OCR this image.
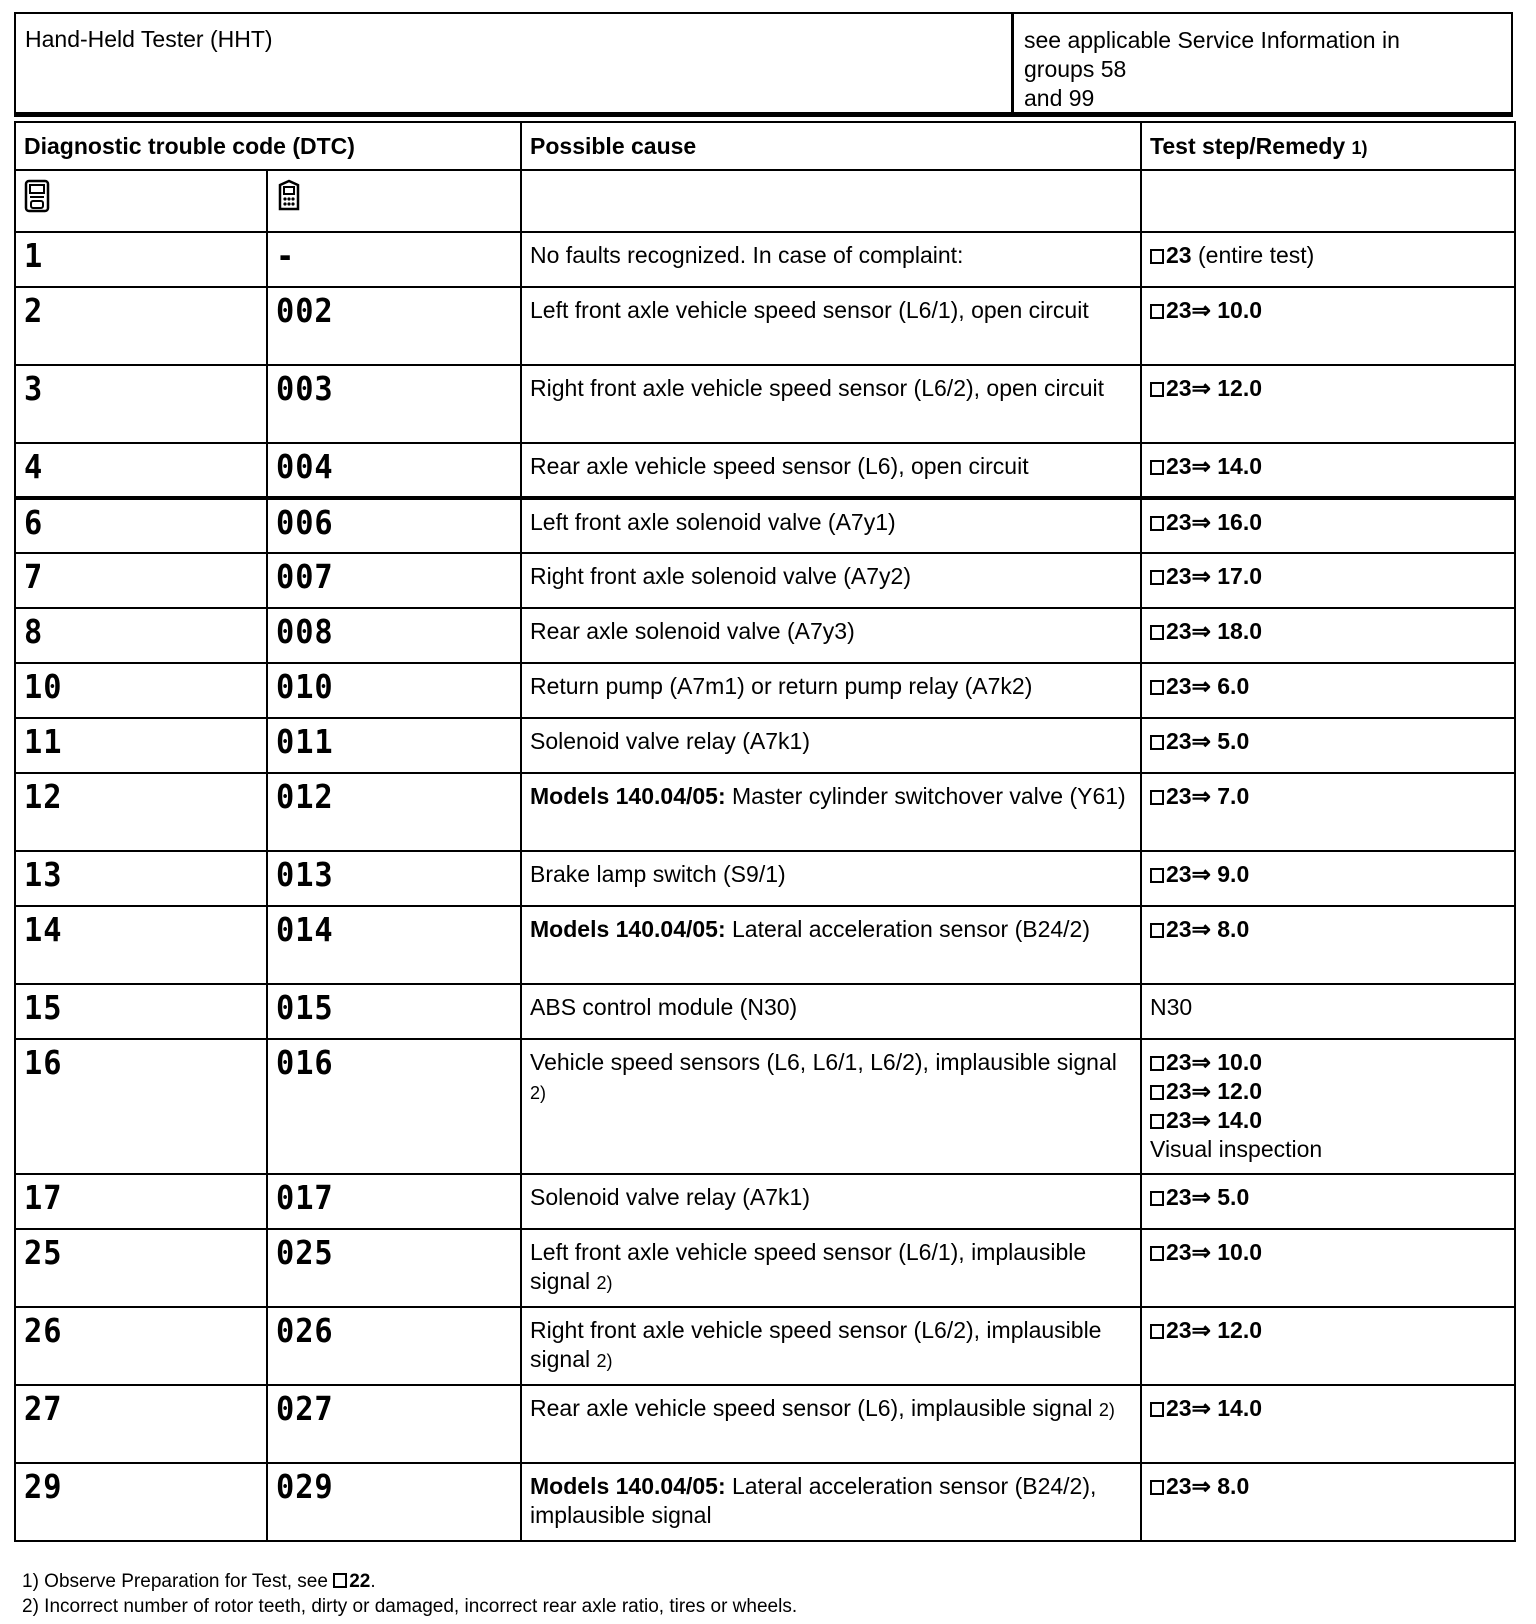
Hand-Held Tester (HHT)	see applicable Service Information in
groups 58
and 99
Diagnostic trouble code (DTC)		Possible cause	Test step/Remedy 1)

1	-	No faults recognized. In case of complaint:	23 (entire test)

2	002	Left front axle vehicle speed sensor (L6/1), open circuit	23⇒ 10.0

3	003	Right front axle vehicle speed sensor (L6/2), open circuit	23⇒ 12.0

4	004	Rear axle vehicle speed sensor (L6), open circuit	23⇒ 14.0

6	006	Left front axle solenoid valve (A7y1)	23⇒ 16.0

7	007	Right front axle solenoid valve (A7y2)	23⇒ 17.0

8	008	Rear axle solenoid valve (A7y3)	23⇒ 18.0

10	010	Return pump (A7m1) or return pump relay (A7k2)	23⇒ 6.0

11	011	Solenoid valve relay (A7k1)	23⇒ 5.0

12	012	Models 140.04/05: Master cylinder switchover valve (Y61)	23⇒ 7.0

13	013	Brake lamp switch (S9/1)	23⇒ 9.0

14	014	Models 140.04/05: Lateral acceleration sensor (B24/2)	23⇒ 8.0

15	015	ABS control module (N30)	N30

16	016	Vehicle speed sensors (L6, L6/1, L6/2), implausible signal 2)	23⇒ 10.0
23⇒ 12.0
23⇒ 14.0
Visual inspection

17	017	Solenoid valve relay (A7k1)	23⇒ 5.0

25	025	Left front axle vehicle speed sensor (L6/1), implausible signal 2)	23⇒ 10.0

26	026	Right front axle vehicle speed sensor (L6/2), implausible signal 2)	23⇒ 12.0

27	027	Rear axle vehicle speed sensor (L6), implausible signal 2)	23⇒ 14.0

29	029	Models 140.04/05: Lateral acceleration sensor (B24/2), implausible signal	23⇒ 8.0
1) Observe Preparation for Test, see 22.
2) Incorrect number of rotor teeth, dirty or damaged, incorrect rear axle ratio, tires or wheels.
